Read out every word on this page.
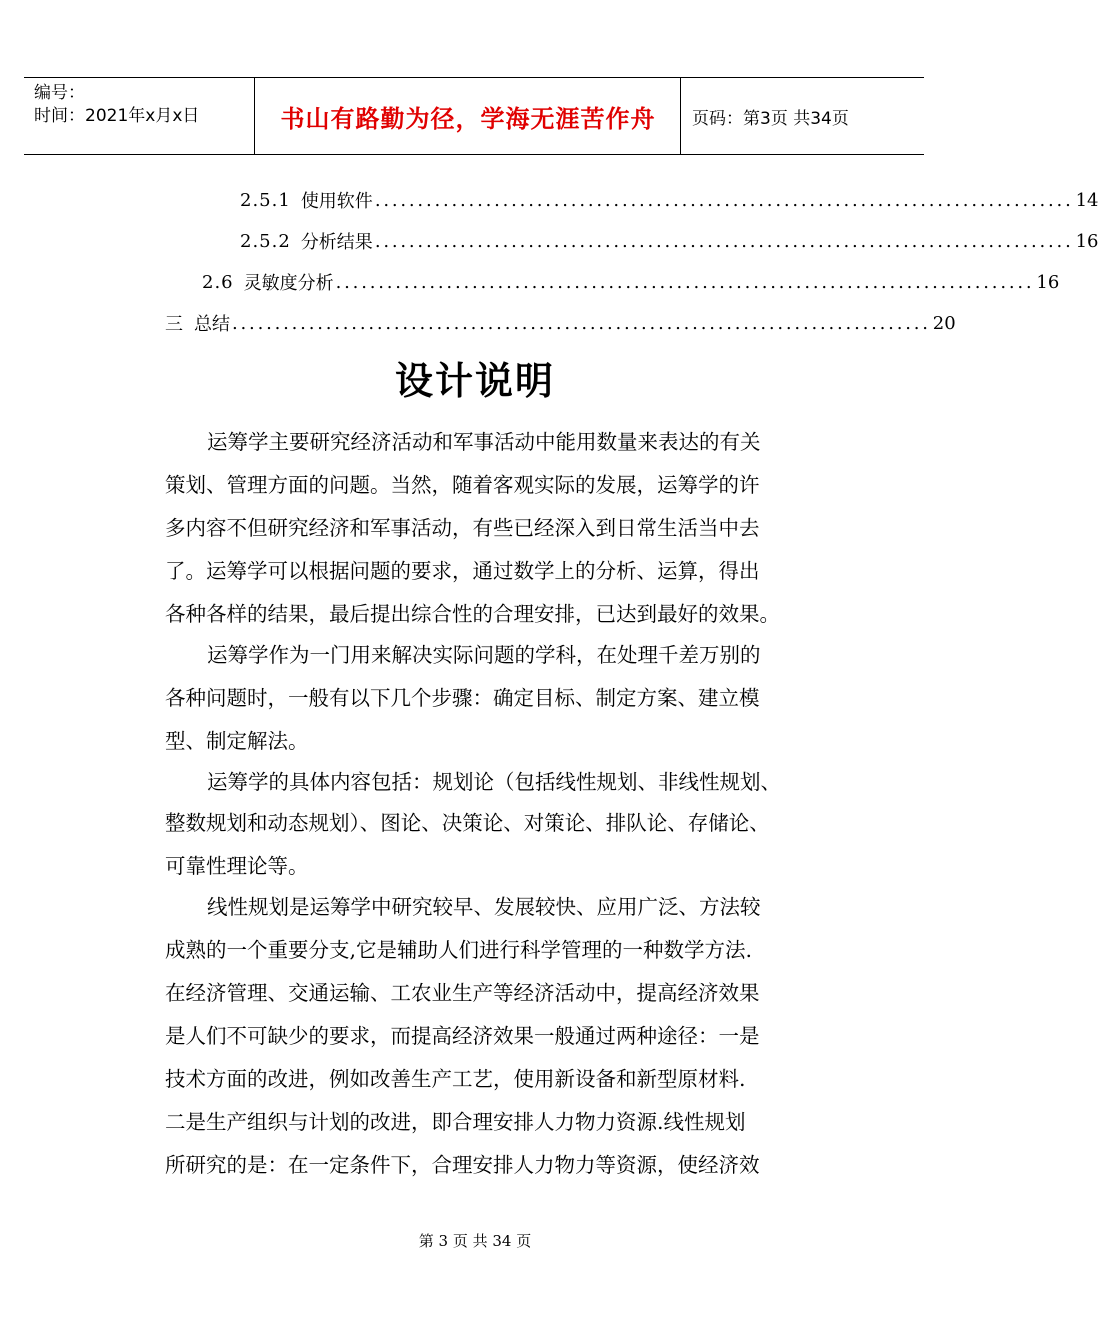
编号：
时间：2021年x月x日	书山有路勤为径，学海无涯苦作舟	页码：第3页 共34页
2.5.1 使用软件 .................................................................................. 14
2.5.2 分析结果 .................................................................................. 16
2.6 灵敏度分析 .................................................................................. 16
三 总结 .................................................................................. 20
设计说明
运筹学主要研究经济活动和军事活动中能用数量来表达的有关
策划、管理方面的问题。当然，随着客观实际的发展，运筹学的许
多内容不但研究经济和军事活动，有些已经深入到日常生活当中去
了。运筹学可以根据问题的要求，通过数学上的分析、运算，得出
各种各样的结果，最后提出综合性的合理安排，已达到最好的效果。
运筹学作为一门用来解决实际问题的学科，在处理千差万别的
各种问题时，一般有以下几个步骤：确定目标、制定方案、建立模
型、制定解法。
运筹学的具体内容包括：规划论（包括线性规划、非线性规划、
整数规划和动态规划）、图论、决策论、对策论、排队论、存储论、
可靠性理论等。
线性规划是运筹学中研究较早、发展较快、应用广泛、方法较
成熟的一个重要分支,它是辅助人们进行科学管理的一种数学方法.
在经济管理、交通运输、工农业生产等经济活动中，提高经济效果
是人们不可缺少的要求，而提高经济效果一般通过两种途径：一是
技术方面的改进，例如改善生产工艺，使用新设备和新型原材料.
二是生产组织与计划的改进，即合理安排人力物力资源.线性规划
所研究的是：在一定条件下，合理安排人力物力等资源，使经济效
第 3 页 共 34 页
